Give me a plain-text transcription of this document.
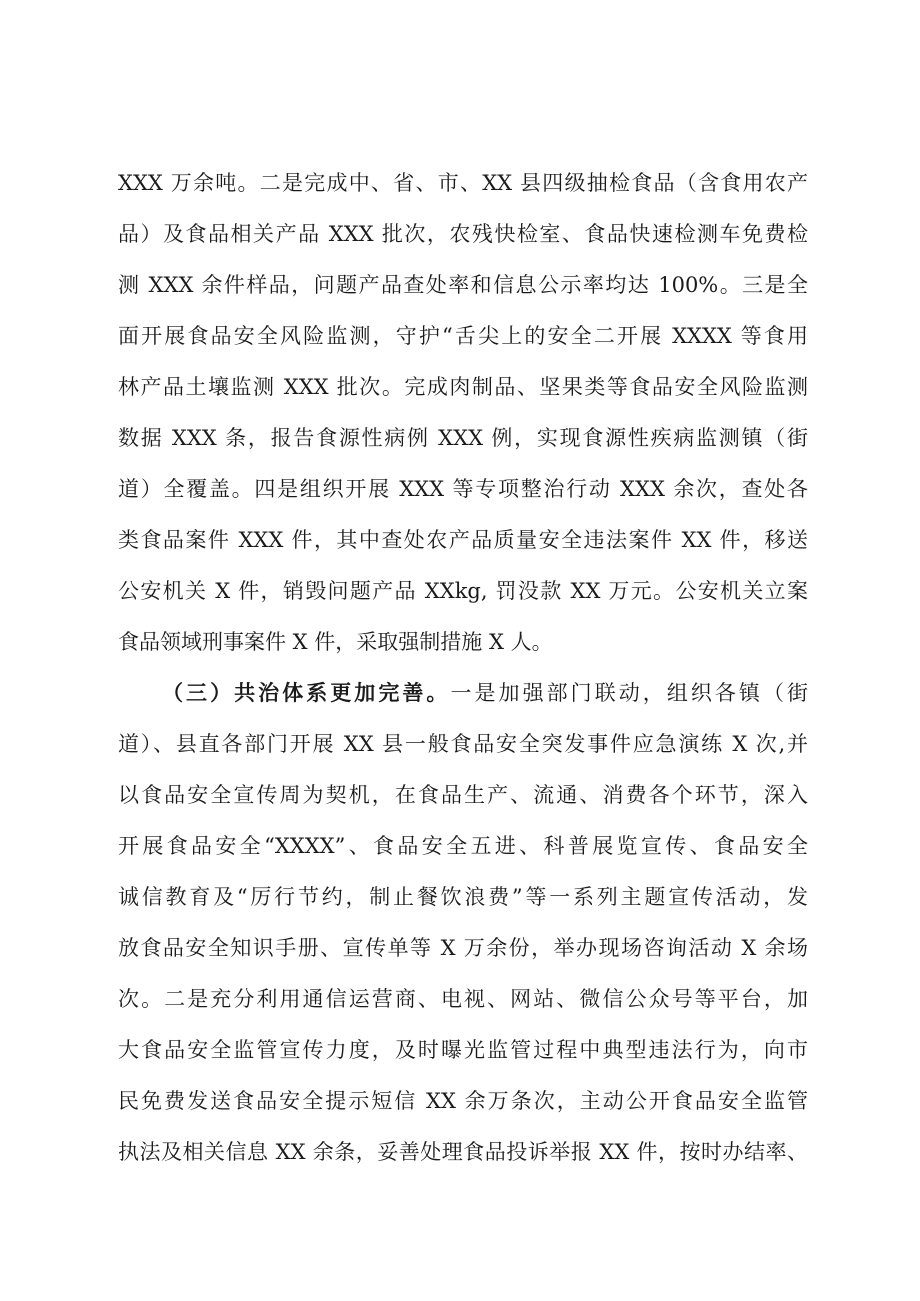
XXX 万余吨。二是完成中、省、市、XX 县四级抽检食品（含食用农产
品）及食品相关产品 XXX 批次，农残快检室、食品快速检测车免费检
测 XXX 余件样品，问题产品查处率和信息公示率均达 100%。三是全
面开展食品安全风险监测，守护“舌尖上的安全二开展 XXXX 等食用
林产品土壤监测 XXX 批次。完成肉制品、坚果类等食品安全风险监测
数据 XXX 条，报告食源性病例 XXX 例，实现食源性疾病监测镇（街
道）全覆盖。四是组织开展 XXX 等专项整治行动 XXX 余次，查处各
类食品案件 XXX 件，其中查处农产品质量安全违法案件 XX 件，移送
公安机关 X 件，销毁问题产品 XXkg, 罚没款 XX 万元。公安机关立案
食品领域刑事案件 X 件，采取强制措施 X 人。
（三）共治体系更加完善。一是加强部门联动，组织各镇（街
道）、县直各部门开展 XX 县一般食品安全突发事件应急演练 X 次,并
以食品安全宣传周为契机，在食品生产、流通、消费各个环节，深入
开展食品安全“XXXX”、食品安全五进、科普展览宣传、食品安全
诚信教育及“厉行节约，制止餐饮浪费”等一系列主题宣传活动，发
放食品安全知识手册、宣传单等 X 万余份，举办现场咨询活动 X 余场
次。二是充分利用通信运营商、电视、网站、微信公众号等平台，加
大食品安全监管宣传力度，及时曝光监管过程中典型违法行为，向市
民免费发送食品安全提示短信 XX 余万条次，主动公开食品安全监管
执法及相关信息 XX 余条，妥善处理食品投诉举报 XX 件，按时办结率、
